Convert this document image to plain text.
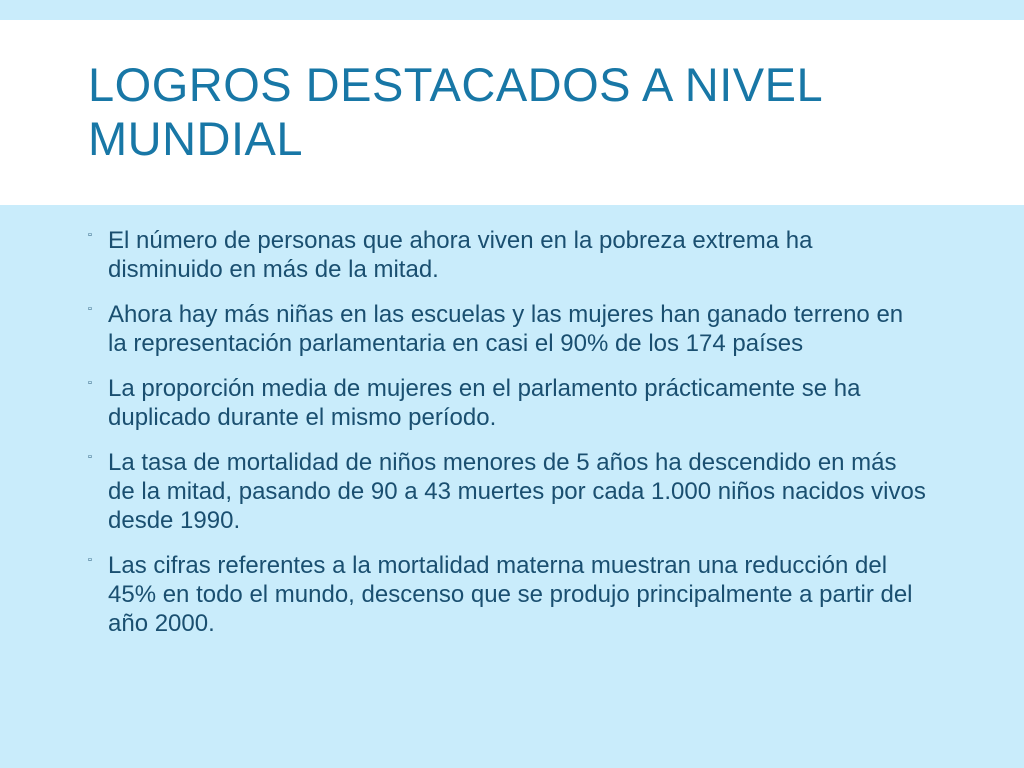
LOGROS DESTACADOS A NIVEL MUNDIAL
▫ El número de personas que ahora viven en la pobreza extrema ha disminuido en más de la mitad.
▫ Ahora hay más niñas en las escuelas y las mujeres han ganado terreno en la representación parlamentaria en casi el 90% de los 174 países
▫ La proporción media de mujeres en el parlamento prácticamente se ha duplicado durante el mismo período.
▫ La tasa de mortalidad de niños menores de 5 años ha descendido en más de la mitad, pasando de 90 a 43 muertes por cada 1.000 niños nacidos vivos desde 1990.
▫ Las cifras referentes a la mortalidad materna muestran una reducción del 45% en todo el mundo, descenso que se produjo principalmente a partir del año 2000.
